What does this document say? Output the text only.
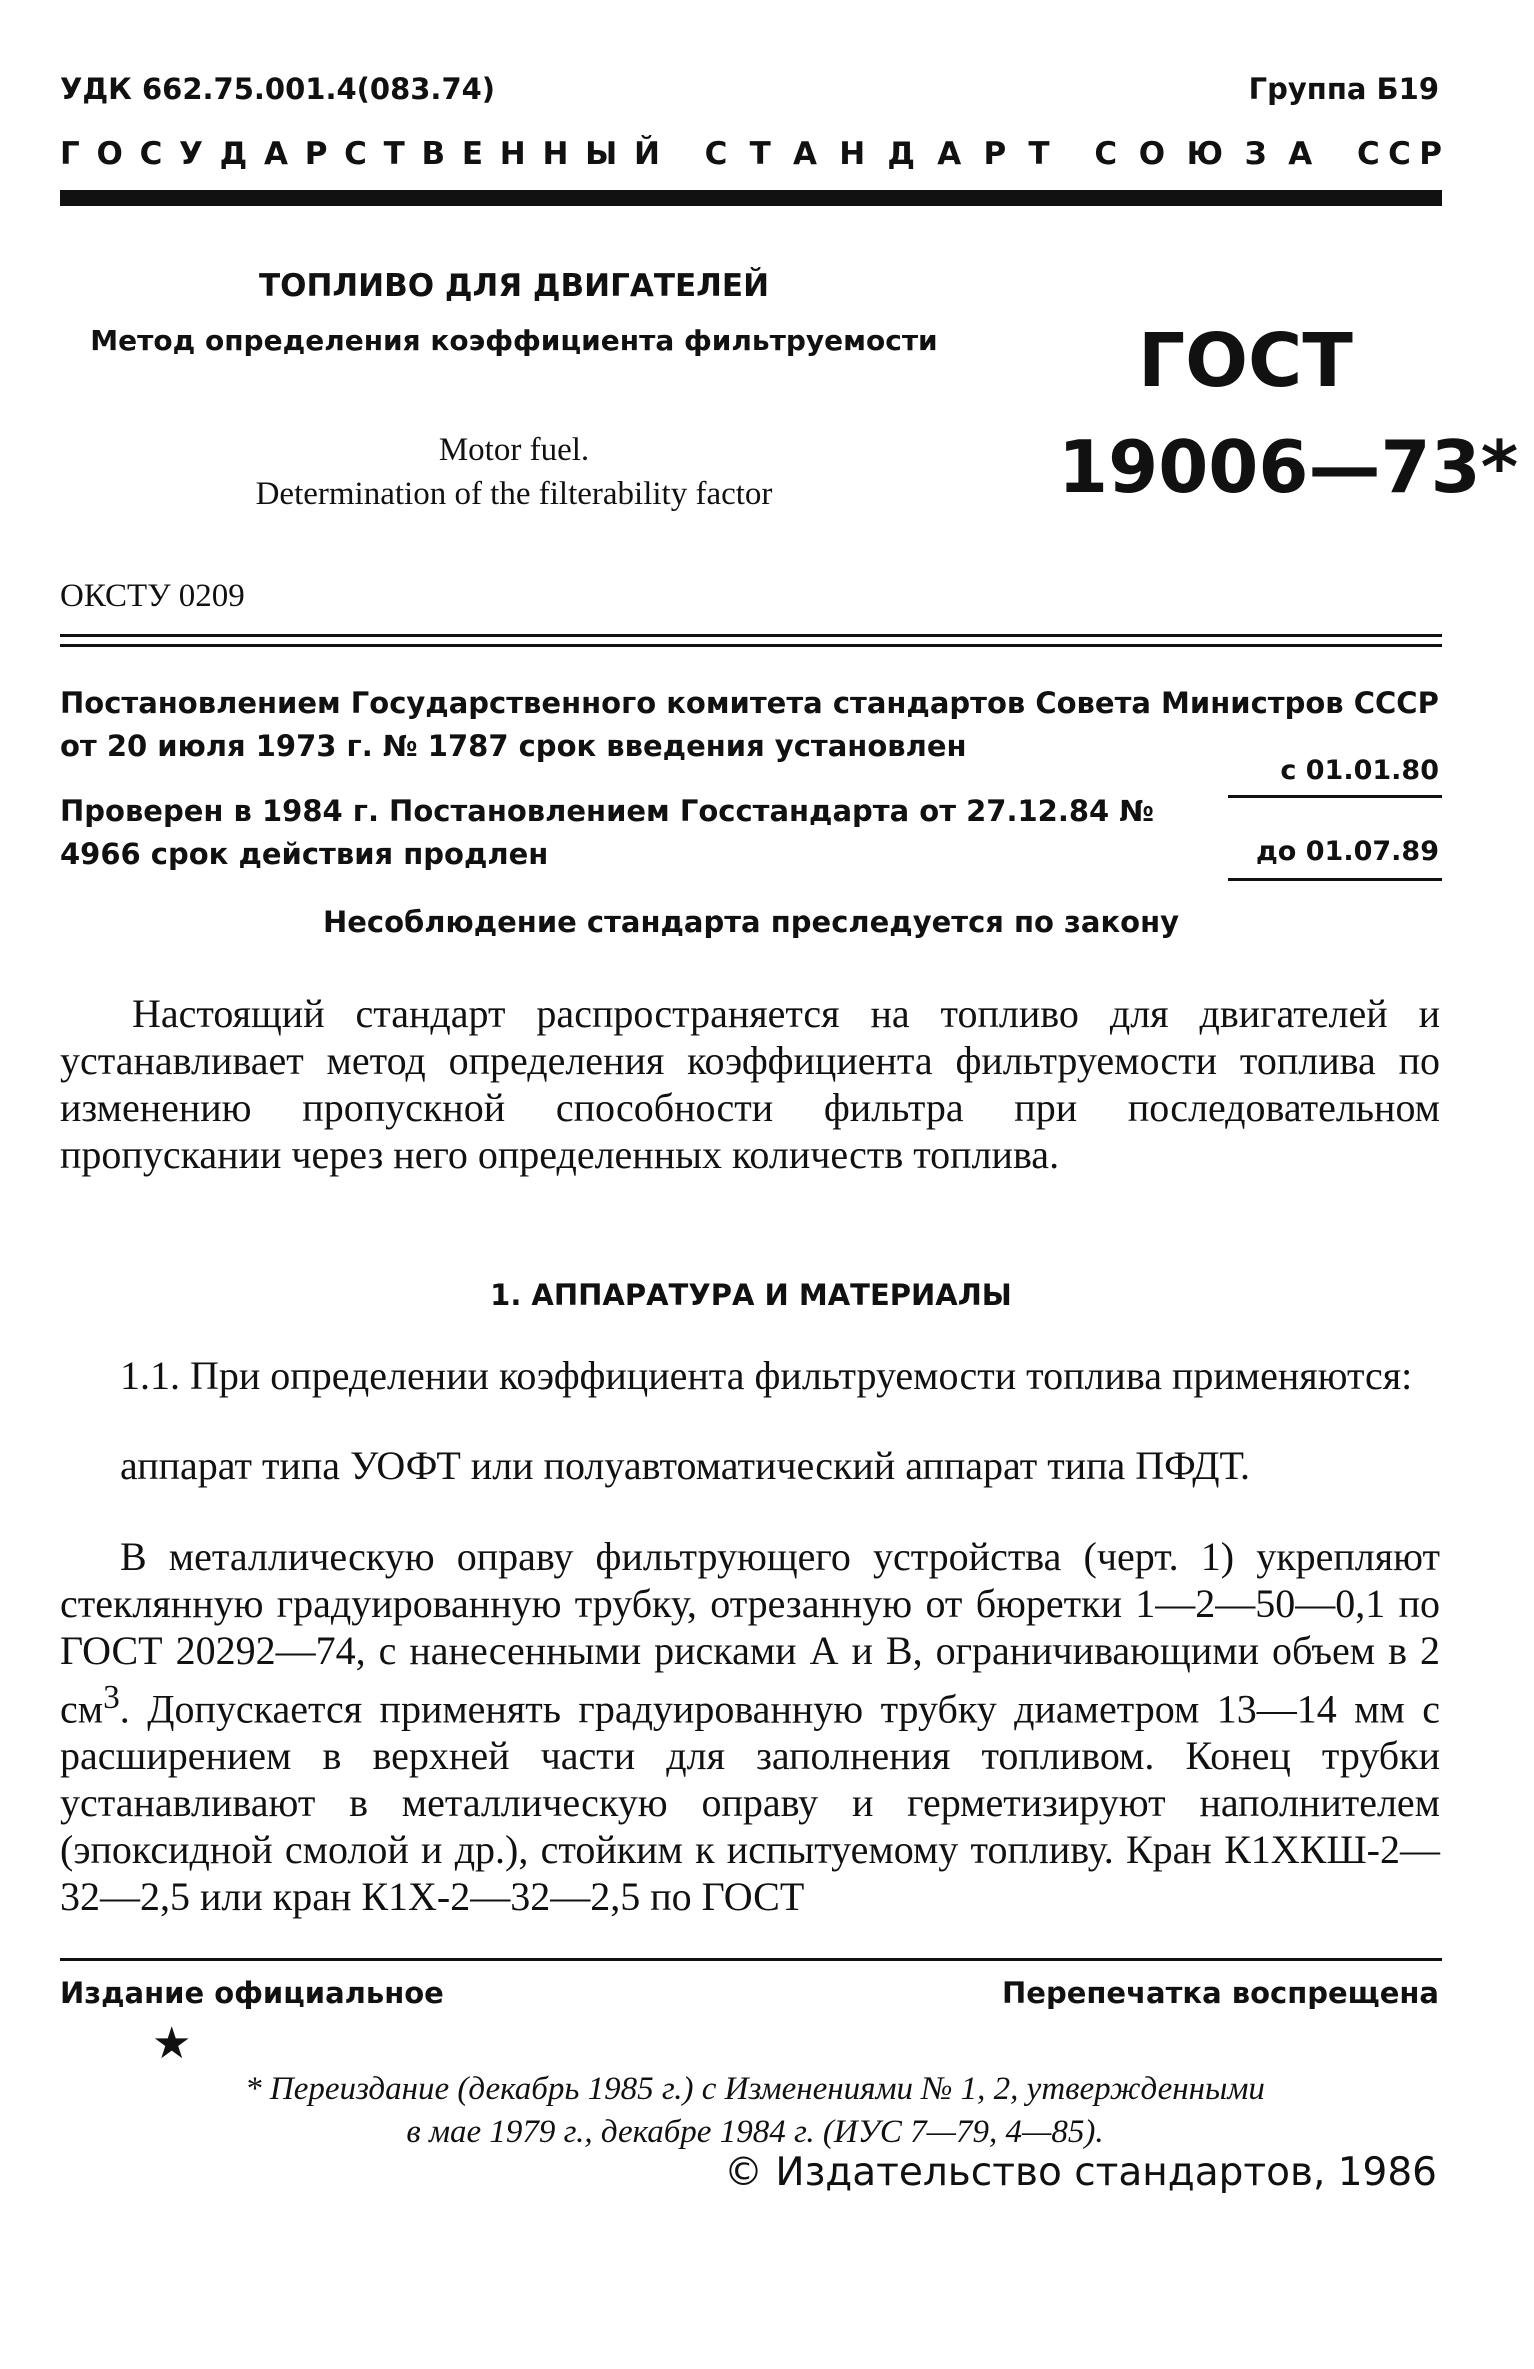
УДК 662.75.001.4(083.74)	Группа Б19
Г О С У Д А Р С Т В Е Н Н Ы Й С Т А Н Д А Р Т С О Ю З А С С Р
ТОПЛИВО ДЛЯ ДВИГАТЕЛЕЙ
Метод определения коэффициента фильтруемости
Motor fuel.
Determination of the filterability factor
ГОСТ
19006—73*
ОКСТУ 0209
Постановлением Государственного комитета стандартов Совета Министров СССР от 20 июля 1973 г. № 1787 срок введения установлен
с 01.01.80
Проверен в 1984 г. Постановлением Госстандарта от 27.12.84 № 4966 срок действия продлен	до 01.07.89
Несоблюдение стандарта преследуется по закону
Настоящий стандарт распространяется на топливо для двигателей и устанавливает метод определения коэффициента фильтруемости топлива по изменению пропускной способности фильтра при последовательном пропускании через него определенных количеств топлива.
1. АППАРАТУРА И МАТЕРИАЛЫ
1.1. При определении коэффициента фильтруемости топлива применяются:
аппарат типа УОФТ или полуавтоматический аппарат типа ПФДТ.
В металлическую оправу фильтрующего устройства (черт. 1) укрепляют стеклянную градуированную трубку, отрезанную от бюретки 1—2—50—0,1 по ГОСТ 20292—74, с нанесенными рисками А и В, ограничивающими объем в 2 $см^3$. Допускается применять градуированную трубку диаметром 13—14 мм с расширением в верхней части для заполнения топливом. Конец трубки устанавливают в металлическую оправу и герметизируют наполнителем (эпоксидной смолой и др.), стойким к испытуемому топливу. Кран К1ХКШ-2—32—2,5 или кран К1Х-2—32—2,5 по ГОСТ
Издание официальное	Перепечатка воспрещена
★
* Переиздание (декабрь 1985 г.) с Изменениями № 1, 2, утвержденными
в мае 1979 г., декабре 1984 г. (ИУС 7—79, 4—85).
© Издательство стандартов, 1986
